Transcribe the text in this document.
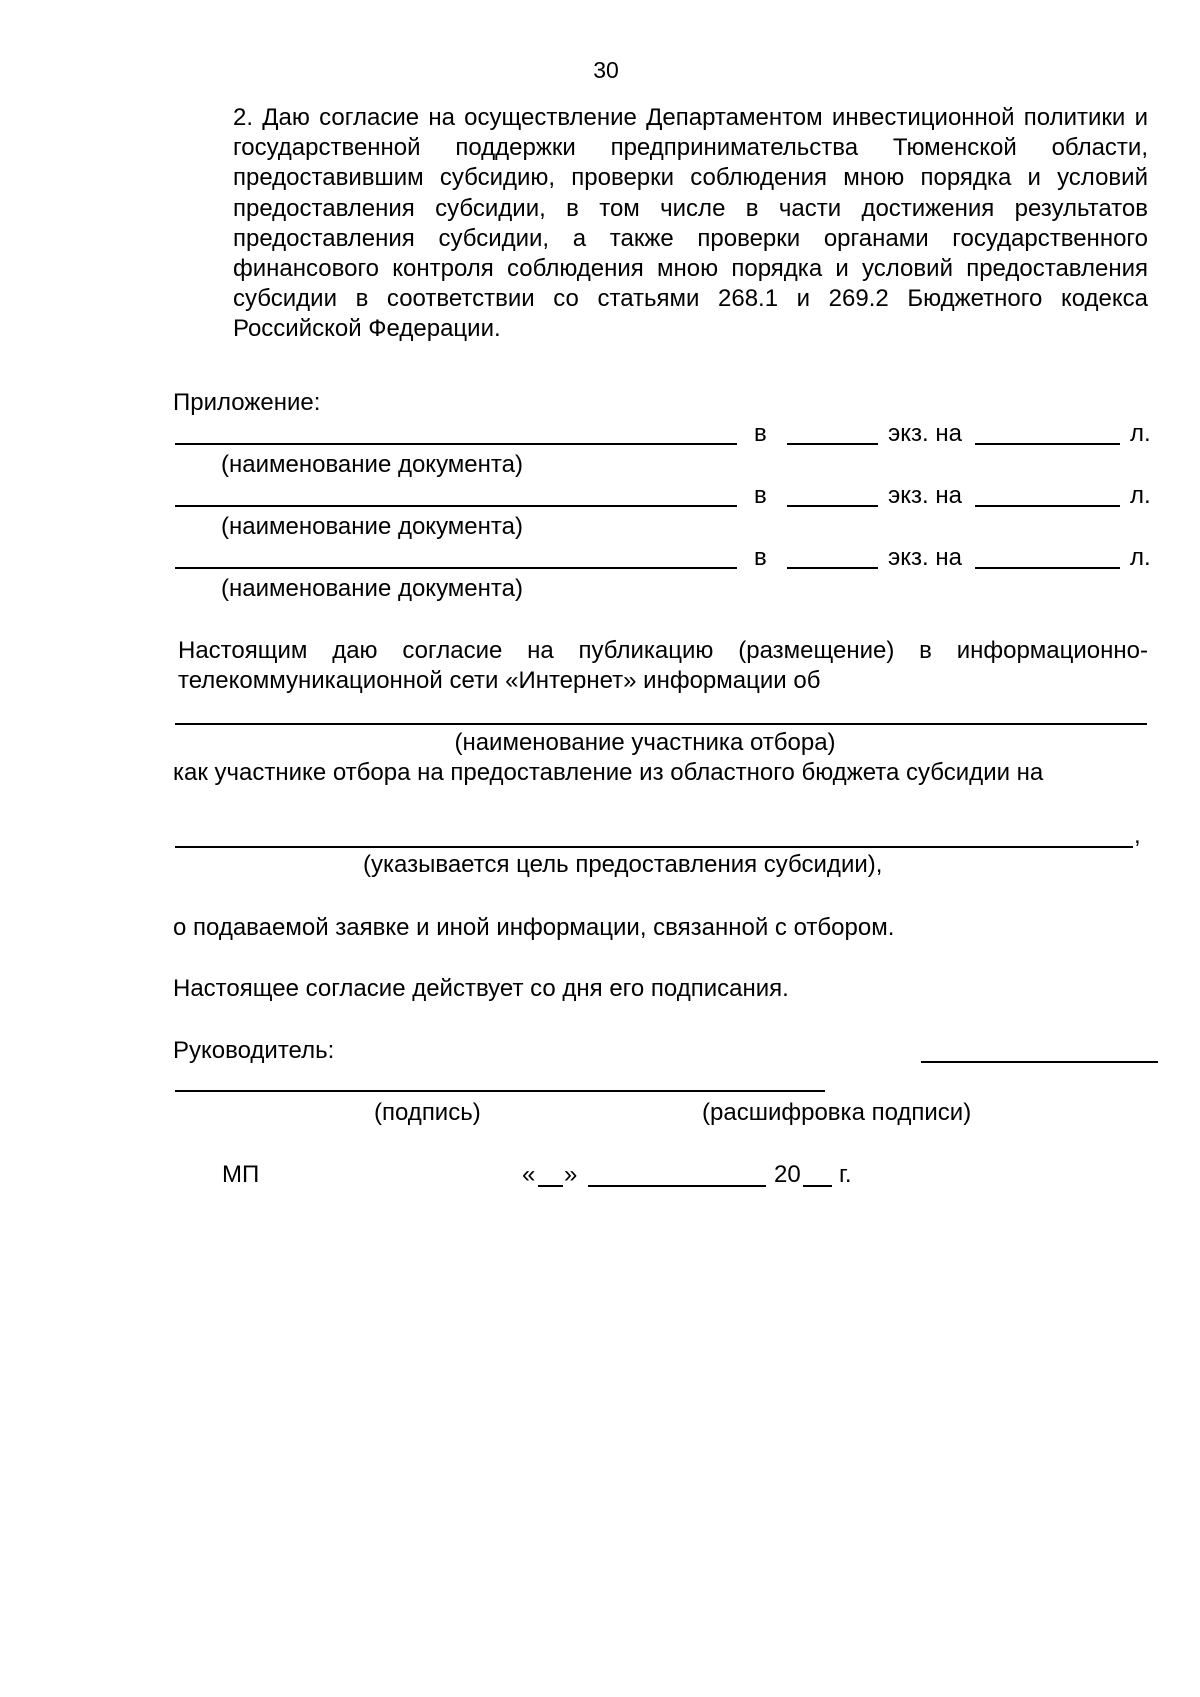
30
2. Даю согласие на осуществление Департаментом инвестиционной политики и государственной поддержки предпринимательства Тюменской области, предоставившим субсидию, проверки соблюдения мною порядка и условий предоставления субсидии, в том числе в части достижения результатов предоставления субсидии, а также проверки органами государственного финансового контроля соблюдения мною порядка и условий предоставления субсидии в соответствии со статьями 268.1 и 269.2 Бюджетного кодекса Российской Федерации.
Приложение:
в	экз. на	л.
(наименование документа)
в	экз. на	л.
(наименование документа)
в	экз. на	л.
(наименование документа)
Настоящим даю согласие на публикацию (размещение) в информационно-телекоммуникационной сети «Интернет» информации об
(наименование участника отбора)
как участнике отбора на предоставление из областного бюджета субсидии на
,
(указывается цель предоставления субсидии),
о подаваемой заявке и иной информации, связанной с отбором.
Настоящее согласие действует со дня его подписания.
Руководитель:
(подпись)	(расшифровка подписи)
МП	« »	20 г.
